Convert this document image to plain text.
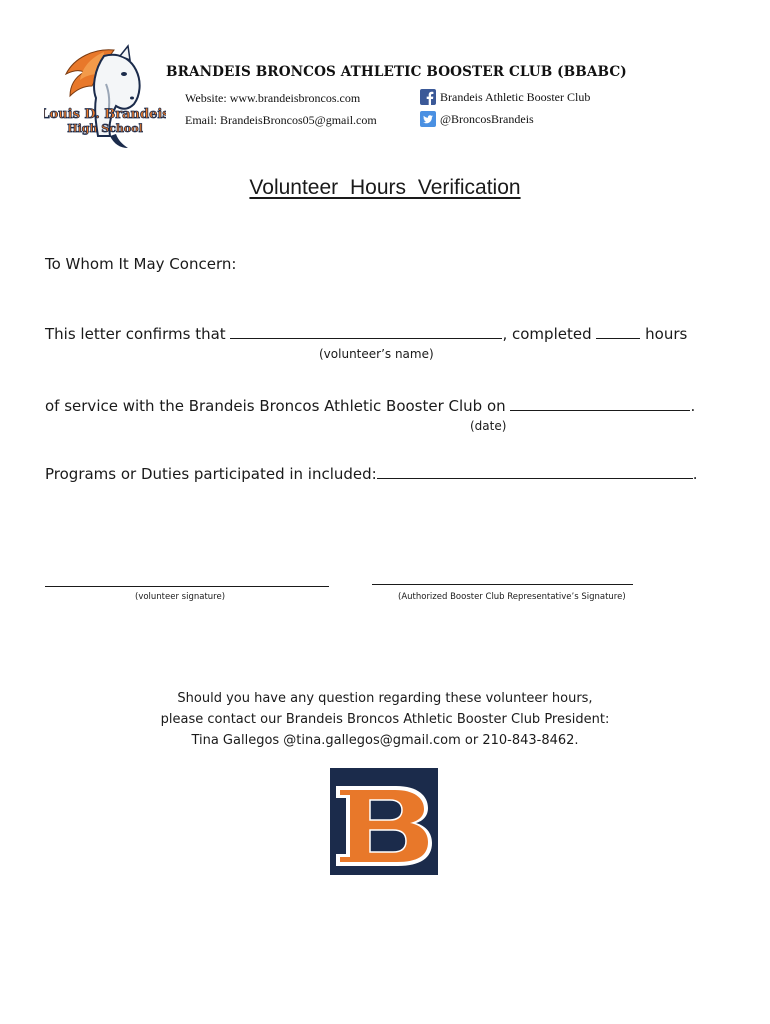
Louis D. Brandeis
High School
BRANDEIS BRONCOS ATHLETIC BOOSTER CLUB (BBABC)
Website: www.brandeisbroncos.com
Email: BrandeisBroncos05@gmail.com
Brandeis Athletic Booster Club
@BroncosBrandeis
Volunteer Hours Verification
To Whom It May Concern:
This letter confirms that	, completed	hours
(volunteer’s name)
of service with the Brandeis Broncos Athletic Booster Club on	.
(date)
Programs or Duties participated in included:	.
(volunteer signature)	(Authorized Booster Club Representative’s Signature)
Should you have any question regarding these volunteer hours,
please contact our Brandeis Broncos Athletic Booster Club President:
Tina Gallegos @tina.gallegos@gmail.com or 210-843-8462.
